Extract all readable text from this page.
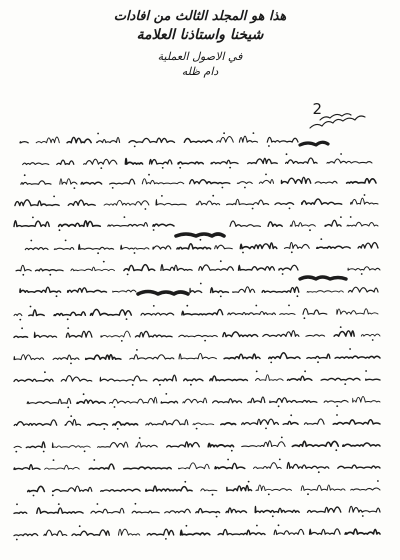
هذا هو المجلد الثالث من افادات
شيخنا واستاذنا العلامة
في الاصول العملية
دام ظله
2
